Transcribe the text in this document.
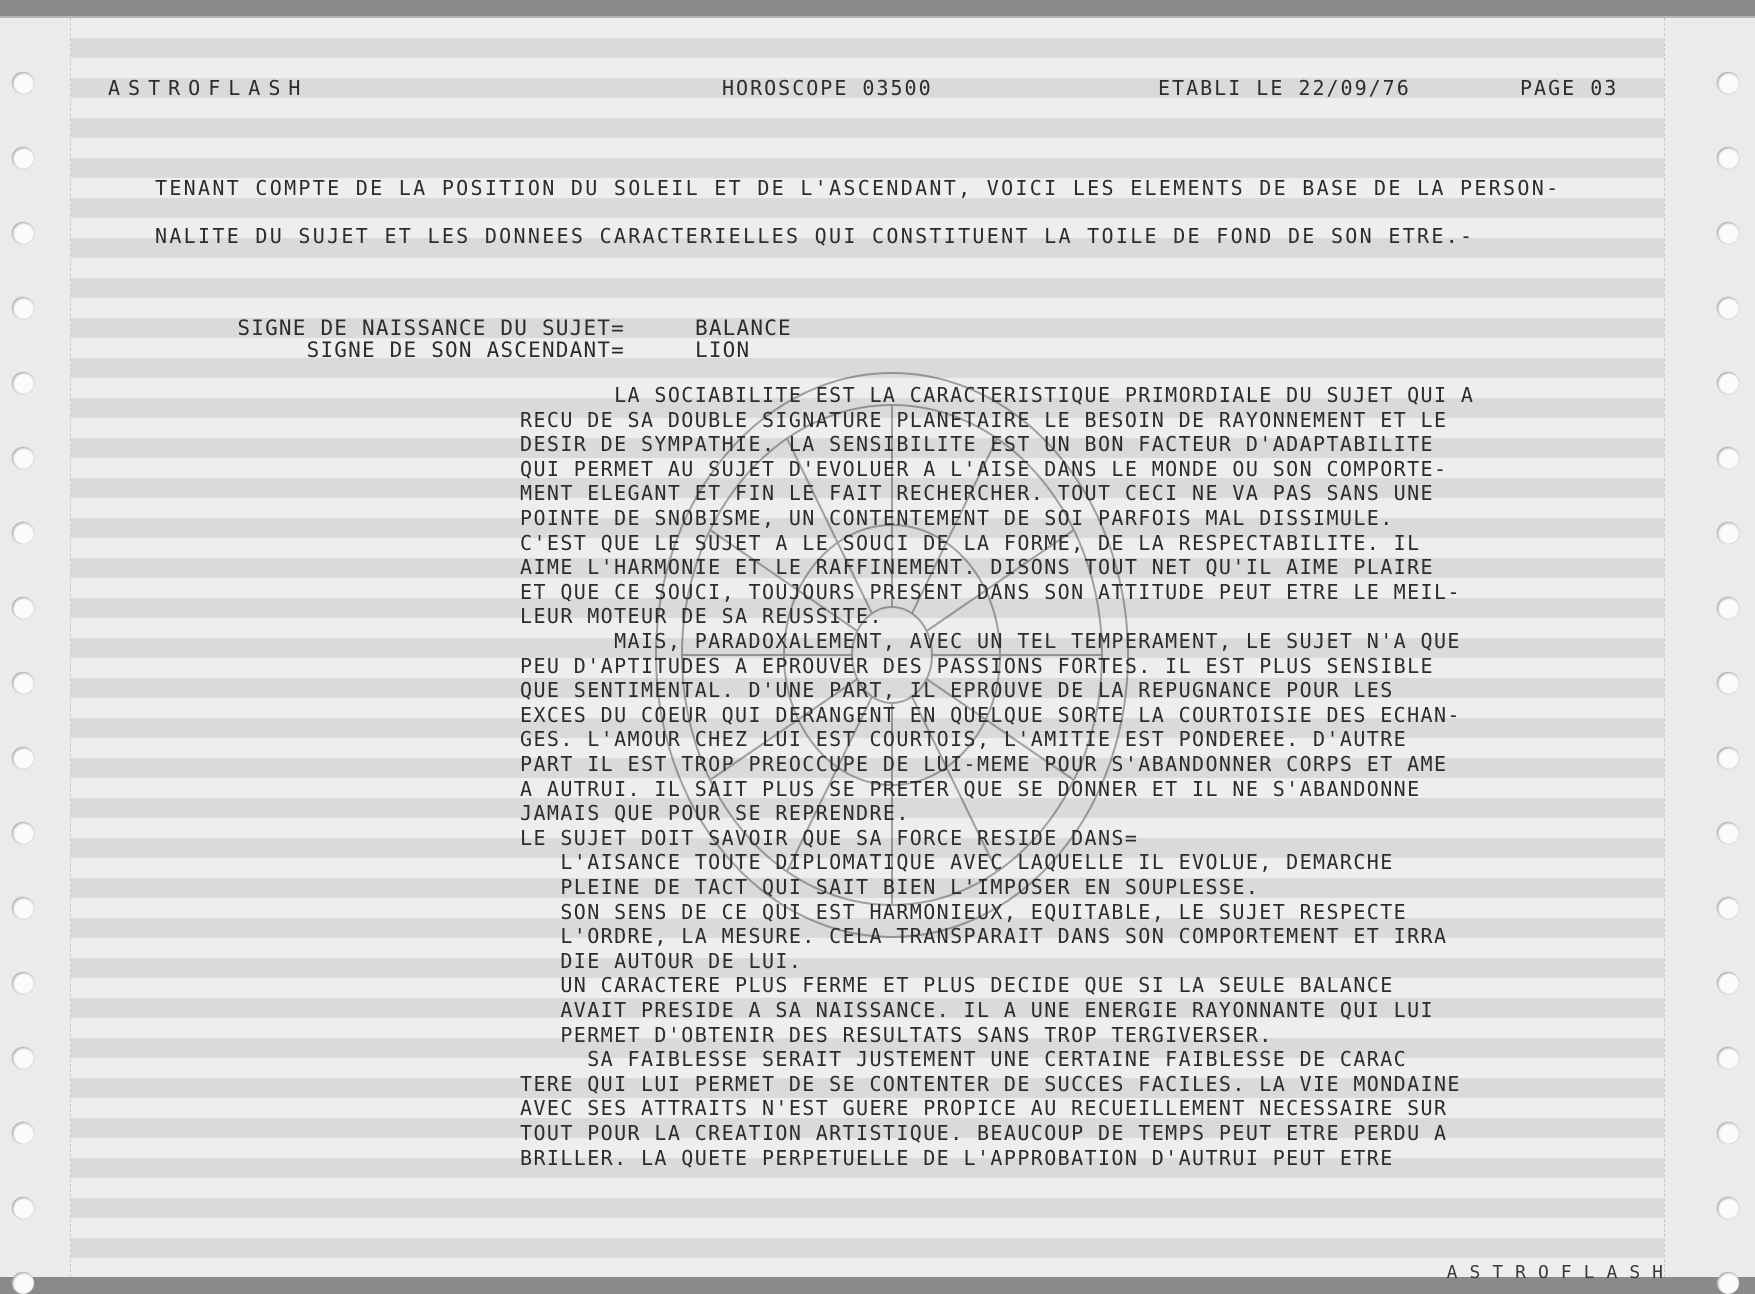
ASTROFLASH	HOROSCOPE 03500	ETABLI LE 22/09/76	PAGE 03
TENANT COMPTE DE LA POSITION DU SOLEIL ET DE L'ASCENDANT, VOICI LES ELEMENTS DE BASE DE LA PERSON-
NALITE DU SUJET ET LES DONNEES CARACTERIELLES QUI CONSTITUENT LA TOILE DE FOND DE SON ETRE.-
SIGNE DE NAISSANCE DU SUJET=	BALANCE
SIGNE DE SON ASCENDANT=	LION
LA SOCIABILITE EST LA CARACTERISTIQUE PRIMORDIALE DU SUJET QUI A
RECU DE SA DOUBLE SIGNATURE PLANETAIRE LE BESOIN DE RAYONNEMENT ET LE
DESIR DE SYMPATHIE. LA SENSIBILITE EST UN BON FACTEUR D'ADAPTABILITE
QUI PERMET AU SUJET D'EVOLUER A L'AISE DANS LE MONDE OU SON COMPORTE-
MENT ELEGANT ET FIN LE FAIT RECHERCHER. TOUT CECI NE VA PAS SANS UNE
POINTE DE SNOBISME, UN CONTENTEMENT DE SOI PARFOIS MAL DISSIMULE.
C'EST QUE LE SUJET A LE SOUCI DE LA FORME, DE LA RESPECTABILITE. IL
AIME L'HARMONIE ET LE RAFFINEMENT. DISONS TOUT NET QU'IL AIME PLAIRE
ET QUE CE SOUCI, TOUJOURS PRESENT DANS SON ATTITUDE PEUT ETRE LE MEIL-
LEUR MOTEUR DE SA REUSSITE.
MAIS, PARADOXALEMENT, AVEC UN TEL TEMPERAMENT, LE SUJET N'A QUE
PEU D'APTITUDES A EPROUVER DES PASSIONS FORTES. IL EST PLUS SENSIBLE
QUE SENTIMENTAL. D'UNE PART, IL EPROUVE DE LA REPUGNANCE POUR LES
EXCES DU COEUR QUI DERANGENT EN QUELQUE SORTE LA COURTOISIE DES ECHAN-
GES. L'AMOUR CHEZ LUI EST COURTOIS, L'AMITIE EST PONDEREE. D'AUTRE
PART IL EST TROP PREOCCUPE DE LUI-MEME POUR S'ABANDONNER CORPS ET AME
A AUTRUI. IL SAIT PLUS SE PRETER QUE SE DONNER ET IL NE S'ABANDONNE
JAMAIS QUE POUR SE REPRENDRE.
LE SUJET DOIT SAVOIR QUE SA FORCE RESIDE DANS=
L'AISANCE TOUTE DIPLOMATIQUE AVEC LAQUELLE IL EVOLUE, DEMARCHE
PLEINE DE TACT QUI SAIT BIEN L'IMPOSER EN SOUPLESSE.
SON SENS DE CE QUI EST HARMONIEUX, EQUITABLE, LE SUJET RESPECTE
L'ORDRE, LA MESURE. CELA TRANSPARAIT DANS SON COMPORTEMENT ET IRRA
DIE AUTOUR DE LUI.
UN CARACTERE PLUS FERME ET PLUS DECIDE QUE SI LA SEULE BALANCE
AVAIT PRESIDE A SA NAISSANCE. IL A UNE ENERGIE RAYONNANTE QUI LUI
PERMET D'OBTENIR DES RESULTATS SANS TROP TERGIVERSER.
SA FAIBLESSE SERAIT JUSTEMENT UNE CERTAINE FAIBLESSE DE CARAC
TERE QUI LUI PERMET DE SE CONTENTER DE SUCCES FACILES. LA VIE MONDAINE
AVEC SES ATTRAITS N'EST GUERE PROPICE AU RECUEILLEMENT NECESSAIRE SUR
TOUT POUR LA CREATION ARTISTIQUE. BEAUCOUP DE TEMPS PEUT ETRE PERDU A
BRILLER. LA QUETE PERPETUELLE DE L'APPROBATION D'AUTRUI PEUT ETRE
ASTROFLASH
